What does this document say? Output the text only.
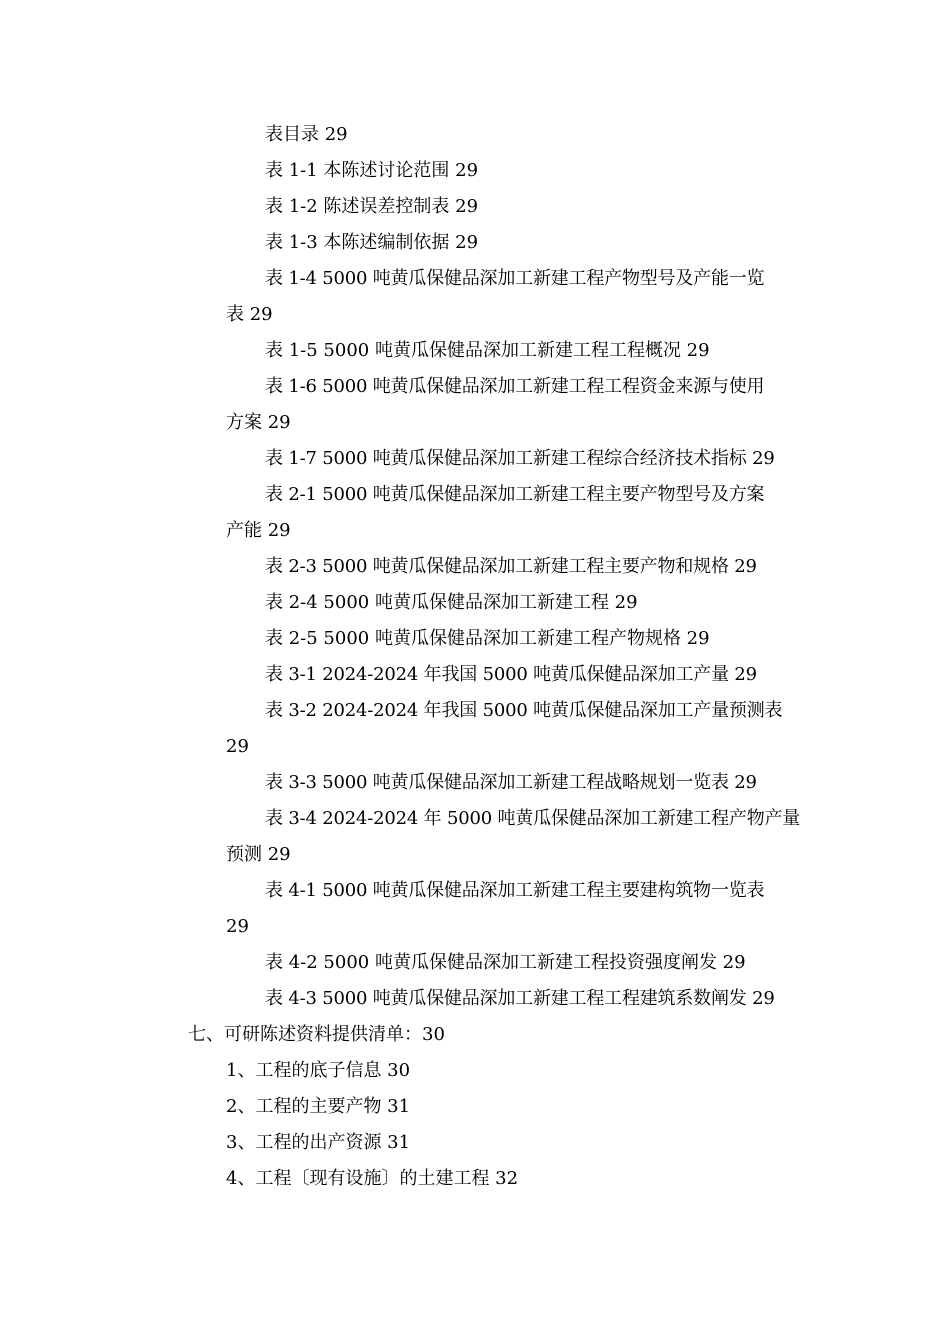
表目录 29
表 1-1 本陈述讨论范围 29
表 1-2 陈述误差控制表 29
表 1-3 本陈述编制依据 29
表 1-4 5000 吨黄瓜保健品深加工新建工程产物型号及产能一览
表 29
表 1-5 5000 吨黄瓜保健品深加工新建工程工程概况 29
表 1-6 5000 吨黄瓜保健品深加工新建工程工程资金来源与使用
方案 29
表 1-7 5000 吨黄瓜保健品深加工新建工程综合经济技术指标 29
表 2-1 5000 吨黄瓜保健品深加工新建工程主要产物型号及方案
产能 29
表 2-3 5000 吨黄瓜保健品深加工新建工程主要产物和规格 29
表 2-4 5000 吨黄瓜保健品深加工新建工程 29
表 2-5 5000 吨黄瓜保健品深加工新建工程产物规格 29
表 3-1 2024-2024 年我国 5000 吨黄瓜保健品深加工产量 29
表 3-2 2024-2024 年我国 5000 吨黄瓜保健品深加工产量预测表
29
表 3-3 5000 吨黄瓜保健品深加工新建工程战略规划一览表 29
表 3-4 2024-2024 年 5000 吨黄瓜保健品深加工新建工程产物产量
预测 29
表 4-1 5000 吨黄瓜保健品深加工新建工程主要建构筑物一览表
29
表 4-2 5000 吨黄瓜保健品深加工新建工程投资强度阐发 29
表 4-3 5000 吨黄瓜保健品深加工新建工程工程建筑系数阐发 29
七、可研陈述资料提供清单：30
1、工程的底子信息 30
2、工程的主要产物 31
3、工程的出产资源 31
4、工程〔现有设施〕的土建工程 32
